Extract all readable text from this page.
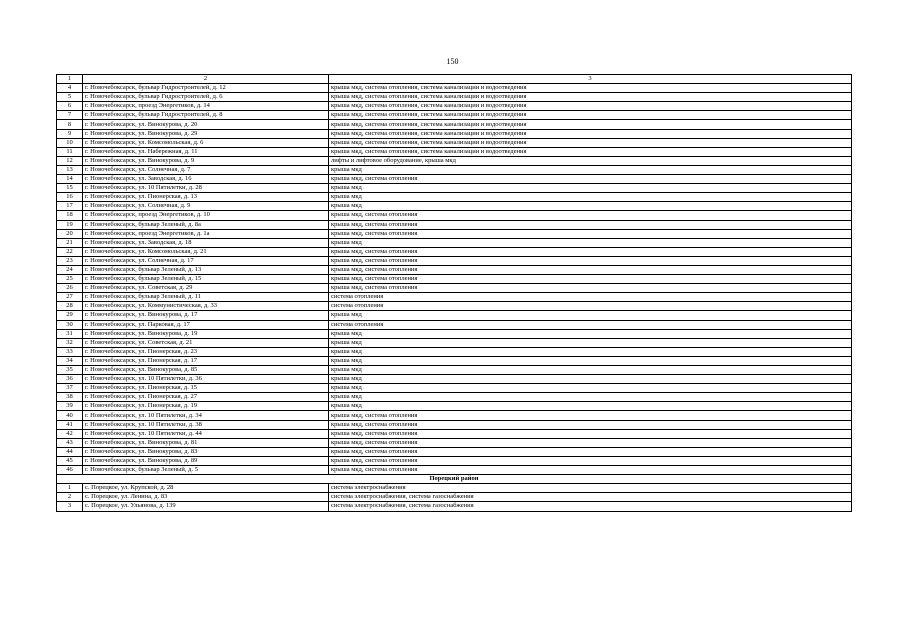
150
1	2	3
4	г. Новочебоксарск, бульвар Гидростроителей, д. 12	крыша мкд, система отопления, система канализации и водоотведения
5	г. Новочебоксарск, бульвар Гидростроителей, д. 6	крыша мкд, система отопления, система канализации и водоотведения
6	г. Новочебоксарск, проезд Энергетиков, д. 14	крыша мкд, система отопления, система канализации и водоотведения
7	г. Новочебоксарск, бульвар Гидростроителей, д. 8	крыша мкд, система отопления, система канализации и водоотведения
8	г. Новочебоксарск, ул. Винокурова, д. 20	крыша мкд, система отопления, система канализации и водоотведения
9	г. Новочебоксарск, ул. Винокурова, д. 29	крыша мкд, система отопления, система канализации и водоотведения
10	г. Новочебоксарск, ул. Комсомольская, д. 6	крыша мкд, система отопления, система канализации и водоотведения
11	г. Новочебоксарск, ул. Набережная, д. 11	крыша мкд, система отопления, система канализации и водоотведения
12	г. Новочебоксарск, ул. Винокурова, д. 9	лифты и лифтовое оборудование, крыша мкд
13	г. Новочебоксарск, ул. Солнечная, д. 7	крыша мкд
14	г. Новочебоксарск, ул. Заводская, д. 16	крыша мкд, система отопления
15	г. Новочебоксарск, ул. 10 Пятилетки, д. 28	крыша мкд
16	г. Новочебоксарск, ул. Пионерская, д. 13	крыша мкд
17	г. Новочебоксарск, ул. Солнечная, д. 9	крыша мкд
18	г. Новочебоксарск, проезд Энергетиков, д. 10	крыша мкд, система отопления
19	г. Новочебоксарск, бульвар Зеленый, д. 8а	крыша мкд, система отопления
20	г. Новочебоксарск, проезд Энергетиков, д. 1а	крыша мкд, система отопления
21	г. Новочебоксарск, ул. Заводская, д. 18	крыша мкд
22	г. Новочебоксарск, ул. Комсомольская, д. 21	крыша мкд, система отопления
23	г. Новочебоксарск, ул. Солнечная, д. 17	крыша мкд, система отопления
24	г. Новочебоксарск, бульвар Зеленый, д. 13	крыша мкд, система отопления
25	г. Новочебоксарск, бульвар Зеленый, д. 15	крыша мкд, система отопления
26	г. Новочебоксарск, ул. Советская, д. 29	крыша мкд, система отопления
27	г. Новочебоксарск, бульвар Зеленый, д. 11	система отопления
28	г. Новочебоксарск, ул. Коммунистическая, д. 33	система отопления
29	г. Новочебоксарск, ул. Винокурова, д. 17	крыша мкд
30	г. Новочебоксарск, ул. Парковая, д. 17	система отопления
31	г. Новочебоксарск, ул. Винокурова, д. 19	крыша мкд
32	г. Новочебоксарск, ул. Советская, д. 21	крыша мкд
33	г. Новочебоксарск, ул. Пионерская, д. 23	крыша мкд
34	г. Новочебоксарск, ул. Пионерская, д. 17	крыша мкд
35	г. Новочебоксарск, ул. Винокурова, д. 85	крыша мкд
36	г. Новочебоксарск, ул. 10 Пятилетки, д. 36	крыша мкд
37	г. Новочебоксарск, ул. Пионерская, д. 15	крыша мкд
38	г. Новочебоксарск, ул. Пионерская, д. 27	крыша мкд
39	г. Новочебоксарск, ул. Пионерская, д. 19	крыша мкд
40	г. Новочебоксарск, ул. 10 Пятилетки, д. 34	крыша мкд, система отопления
41	г. Новочебоксарск, ул. 10 Пятилетки, д. 38	крыша мкд, система отопления
42	г. Новочебоксарск, ул. 10 Пятилетки, д. 44	крыша мкд, система отопления
43	г. Новочебоксарск, ул. Винокурова, д. 81	крыша мкд, система отопления
44	г. Новочебоксарск, ул. Винокурова, д. 83	крыша мкд, система отопления
45	г. Новочебоксарск, ул. Винокурова, д. 89	крыша мкд, система отопления
46	г. Новочебоксарск, бульвар Зеленый, д. 5	крыша мкд, система отопления
Порецкий район		
1	с. Порецкое, ул. Крупской, д. 28	система электроснабжения
2	с. Порецкое, ул. Ленина, д. 83	система электроснабжения, система газоснабжения
3	с. Порецкое, ул. Ульянова, д. 139	система электроснабжения, система газоснабжения
